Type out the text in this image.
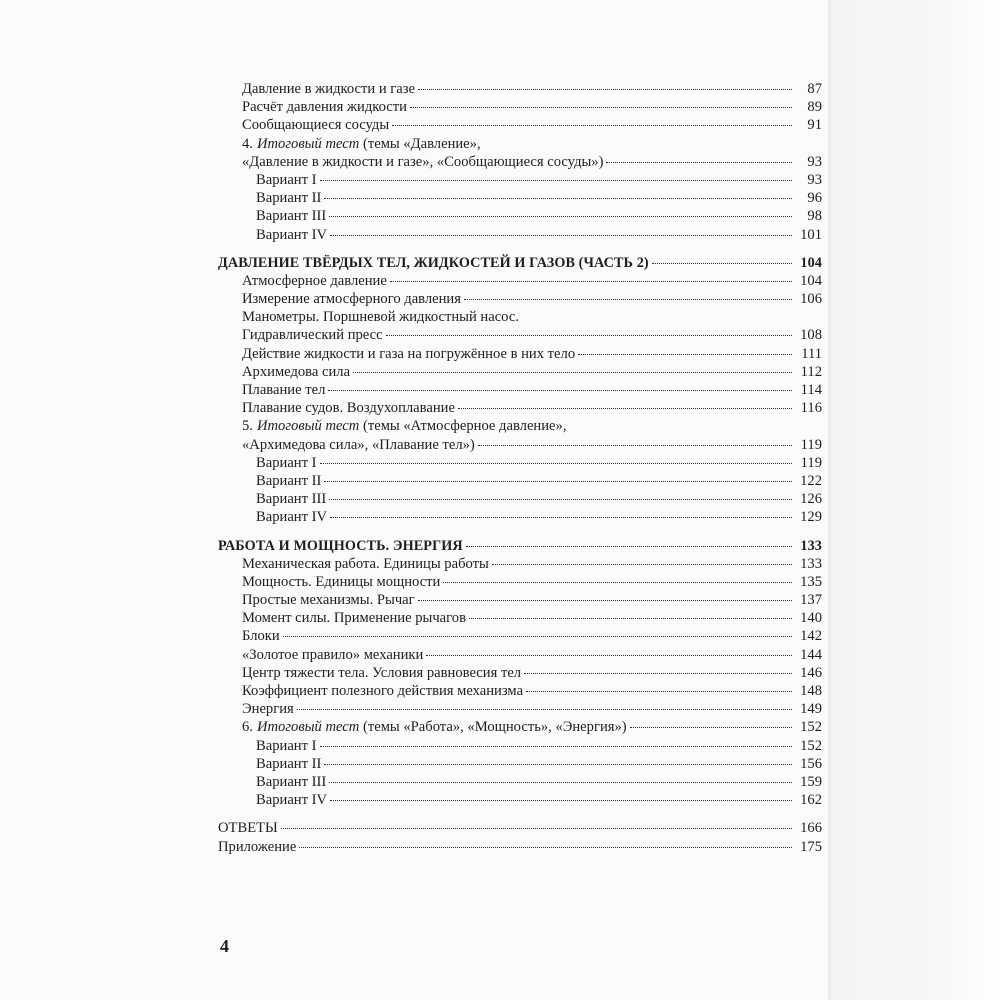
Давление в жидкости и газе	87
Расчёт давления жидкости	89
Сообщающиеся сосуды	91
4. Итоговый тест (темы «Давление»,
«Давление в жидкости и газе», «Сообщающиеся сосуды»)	93
Вариант I	93
Вариант II	96
Вариант III	98
Вариант IV	101
ДАВЛЕНИЕ ТВЁРДЫХ ТЕЛ, ЖИДКОСТЕЙ И ГАЗОВ (ЧАСТЬ 2)	104
Атмосферное давление	104
Измерение атмосферного давления	106
Манометры. Поршневой жидкостный насос.
Гидравлический пресс	108
Действие жидкости и газа на погружённое в них тело	111
Архимедова сила	112
Плавание тел	114
Плавание судов. Воздухоплавание	116
5. Итоговый тест (темы «Атмосферное давление»,
«Архимедова сила», «Плавание тел»)	119
Вариант I	119
Вариант II	122
Вариант III	126
Вариант IV	129
РАБОТА И МОЩНОСТЬ. ЭНЕРГИЯ	133
Механическая работа. Единицы работы	133
Мощность. Единицы мощности	135
Простые механизмы. Рычаг	137
Момент силы. Применение рычагов	140
Блоки	142
«Золотое правило» механики	144
Центр тяжести тела. Условия равновесия тел	146
Коэффициент полезного действия механизма	148
Энергия	149
6. Итоговый тест (темы «Работа», «Мощность», «Энергия»)	152
Вариант I	152
Вариант II	156
Вариант III	159
Вариант IV	162
ОТВЕТЫ	166
Приложение	175
4
